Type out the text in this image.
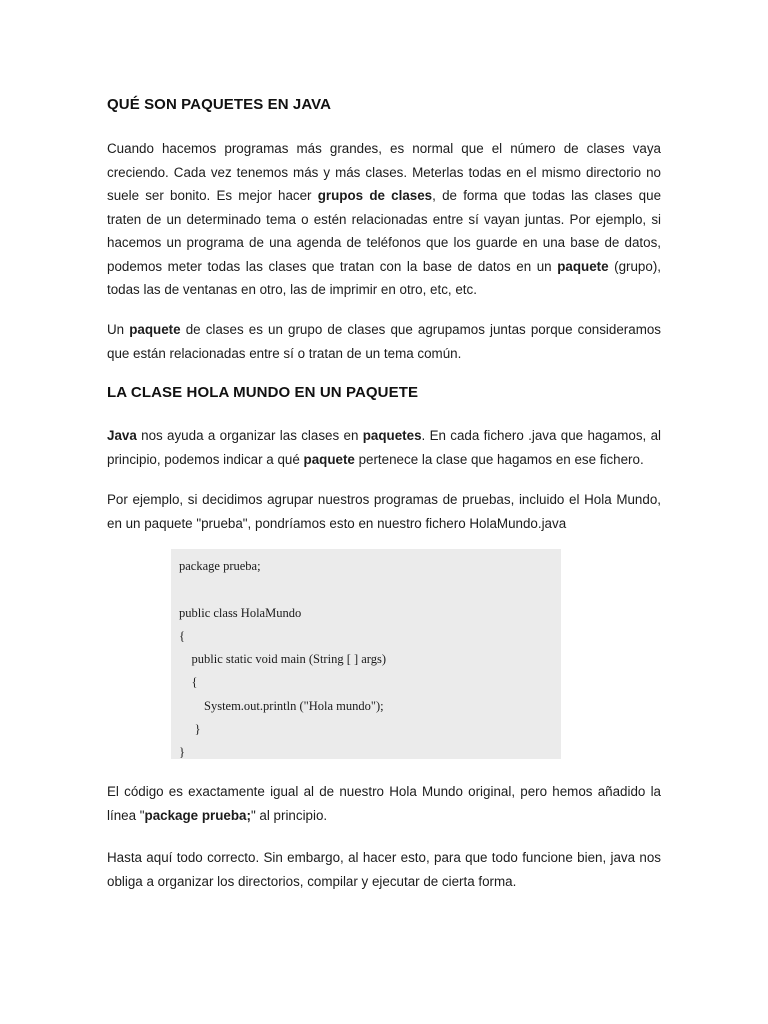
QUÉ SON PAQUETES EN JAVA

Cuando hacemos programas más grandes, es normal que el número de clases vaya creciendo. Cada vez tenemos más y más clases. Meterlas todas en el mismo directorio no suele ser bonito. Es mejor hacer grupos de clases, de forma que todas las clases que traten de un determinado tema o estén relacionadas entre sí vayan juntas. Por ejemplo, si hacemos un programa de una agenda de teléfonos que los guarde en una base de datos, podemos meter todas las clases que tratan con la base de datos en un paquete (grupo), todas las de ventanas en otro, las de imprimir en otro, etc, etc.

Un paquete de clases es un grupo de clases que agrupamos juntas porque consideramos que están relacionadas entre sí o tratan de un tema común.

LA CLASE HOLA MUNDO EN UN PAQUETE

Java nos ayuda a organizar las clases en paquetes. En cada fichero .java que hagamos, al principio, podemos indicar a qué paquete pertenece la clase que hagamos en ese fichero.

Por ejemplo, si decidimos agrupar nuestros programas de pruebas, incluido el Hola Mundo, en un paquete "prueba", pondríamos esto en nuestro fichero HolaMundo.java

package prueba;
public class HolaMundo
{
public static void main (String [ ] args)
{
System.out.println ("Hola mundo");
}
}

El código es exactamente igual al de nuestro Hola Mundo original, pero hemos añadido la línea "package prueba;" al principio.

Hasta aquí todo correcto. Sin embargo, al hacer esto, para que todo funcione bien, java nos obliga a organizar los directorios, compilar y ejecutar de cierta forma.
